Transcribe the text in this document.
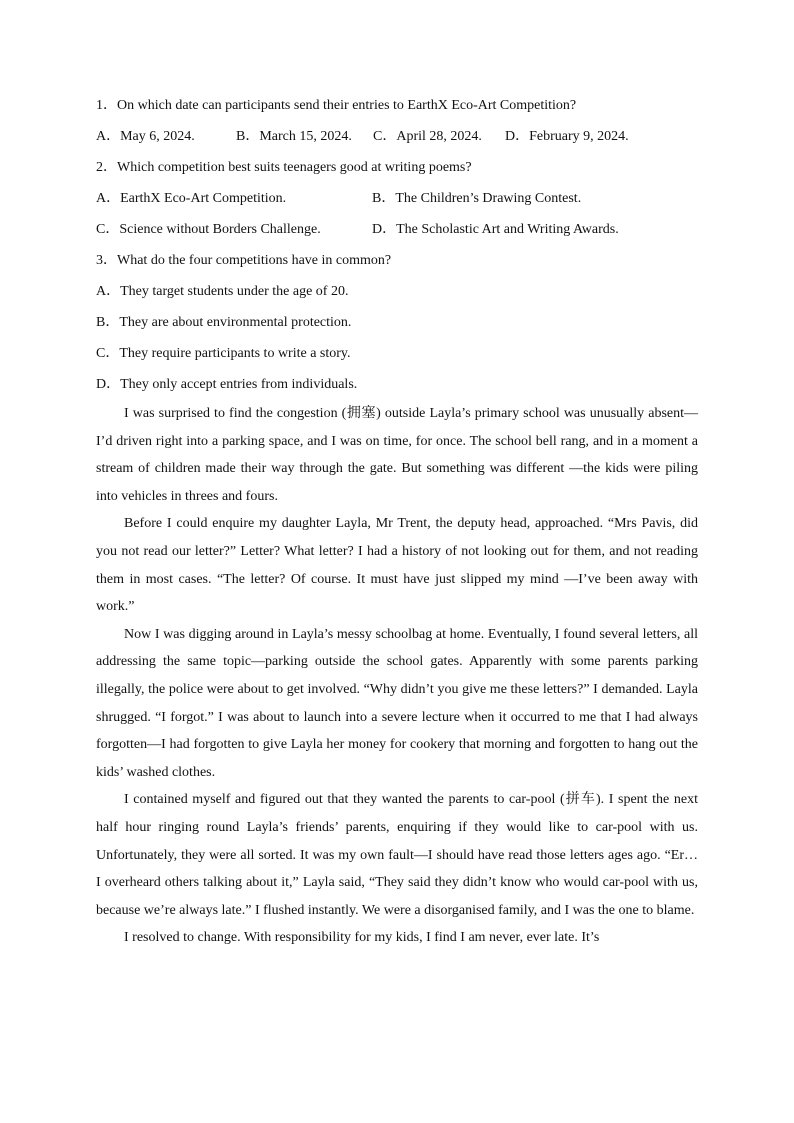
1．On which date can participants send their entries to EarthX Eco-Art Competition?
A．May 6, 2024.	B．March 15, 2024.	C．April 28, 2024.	D．February 9, 2024.
2．Which competition best suits teenagers good at writing poems?
A．EarthX Eco-Art Competition.	B．The Children’s Drawing Contest.
C．Science without Borders Challenge.	D．The Scholastic Art and Writing Awards.
3．What do the four competitions have in common?
A．They target students under the age of 20.
B．They are about environmental protection.
C．They require participants to write a story.
D．They only accept entries from individuals.

I was surprised to find the congestion (拥塞) outside Layla’s primary school was unusually absent—I’d driven right into a parking space, and I was on time, for once. The school bell rang, and in a moment a stream of children made their way through the gate. But something was different —the kids were piling into vehicles in threes and fours.

Before I could enquire my daughter Layla, Mr Trent, the deputy head, approached. “Mrs Pavis, did you not read our letter?” Letter? What letter? I had a history of not looking out for them, and not reading them in most cases. “The letter? Of course. It must have just slipped my mind —I’ve been away with work.”

Now I was digging around in Layla’s messy schoolbag at home. Eventually, I found several letters, all addressing the same topic—parking outside the school gates. Apparently with some parents parking illegally, the police were about to get involved. “Why didn’t you give me these letters?” I demanded. Layla shrugged. “I forgot.” I was about to launch into a severe lecture when it occurred to me that I had always forgotten—I had forgotten to give Layla her money for cookery that morning and forgotten to hang out the kids’ washed clothes.

I contained myself and figured out that they wanted the parents to car-pool (拼车). I spent the next half hour ringing round Layla’s friends’ parents, enquiring if they would like to car-pool with us. Unfortunately, they were all sorted. It was my own fault—I should have read those letters ages ago. “Er… I overheard others talking about it,” Layla said, “They said they didn’t know who would car-pool with us, because we’re always late.” I flushed instantly. We were a disorganised family, and I was the one to blame.

I resolved to change. With responsibility for my kids, I find I am never, ever late. It’s
